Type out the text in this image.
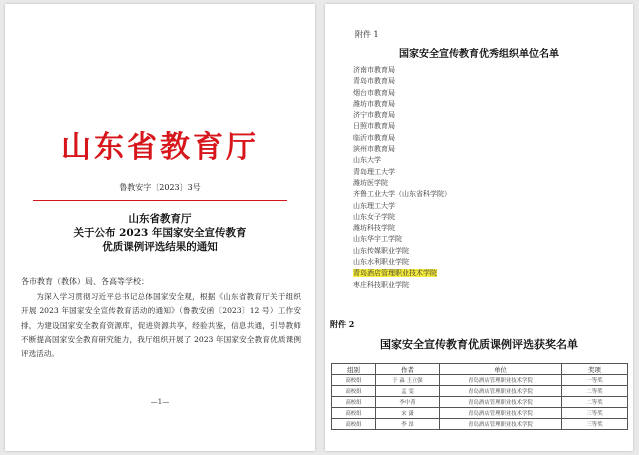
山东省教育厅
鲁教安字〔2023〕3号
山东省教育厅
关于公布 2023 年国家安全宣传教育
优质课例评选结果的通知
各市教育（教体）局、各高等学校：
为深入学习贯彻习近平总书记总体国家安全观，根据《山东省教育厅关于组织开展 2023 年国家安全宣传教育活动的通知》（鲁教安函〔2023〕12 号）工作安排，为建设国家安全教育资源库，促进资源共享，经验共鉴，信息共通，引导教师不断提高国家安全教育研究能力，我厅组织开展了 2023 年国家安全教育优质课例评选活动。
—1—
附件 1
国家安全宣传教育优秀组织单位名单
济南市教育局
青岛市教育局
烟台市教育局
潍坊市教育局
济宁市教育局
日照市教育局
临沂市教育局
滨州市教育局
山东大学
青岛理工大学
潍坊医学院
齐鲁工业大学（山东省科学院）
山东理工大学
山东女子学院
潍坊科技学院
山东华宇工学院
山东传媒职业学院
山东水利职业学院
青岛酒店管理职业技术学院
枣庄科技职业学院
附件 2
国家安全宣传教育优质课例评选获奖名单
组别	作者	单位	奖项
高校组	于 淼 王立强	青岛酒店管理职业技术学院	一等奖
高校组	孟 雯	青岛酒店管理职业技术学院	二等奖
高校组	李中菁	青岛酒店管理职业技术学院	二等奖
高校组	宋 潇	青岛酒店管理职业技术学院	三等奖
高校组	李 昂	青岛酒店管理职业技术学院	三等奖
